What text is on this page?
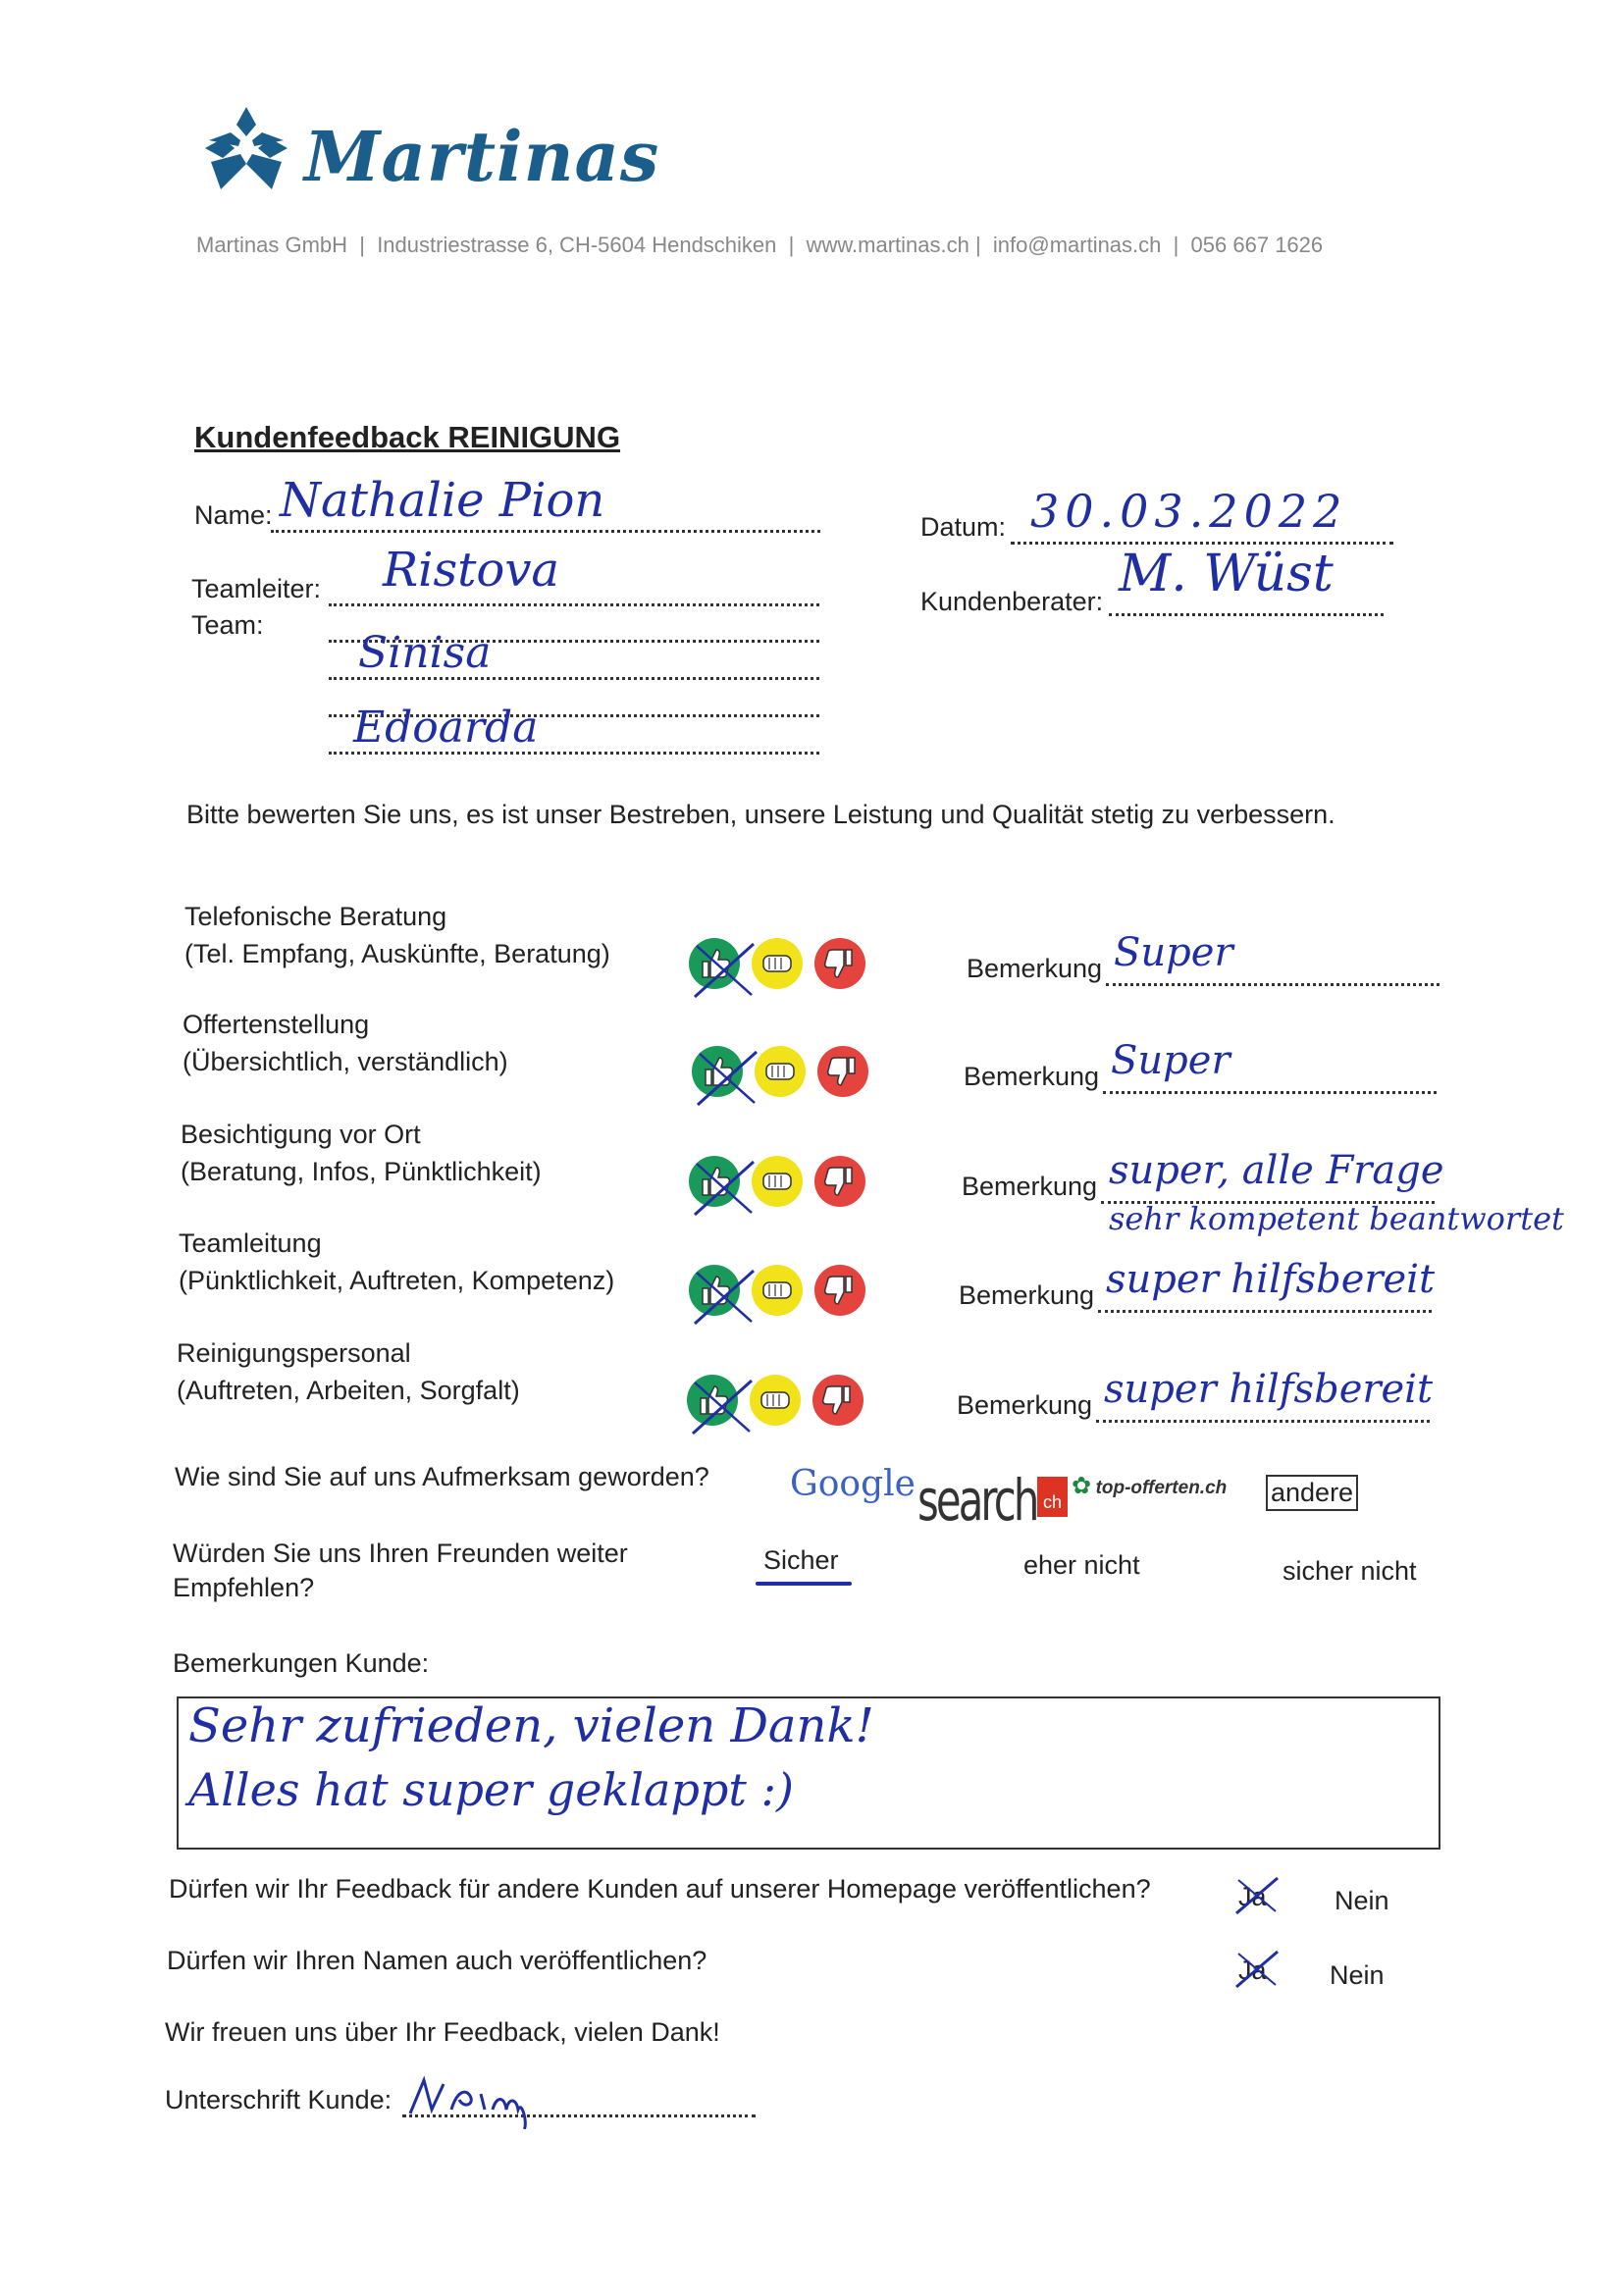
Martinas
Martinas GmbH  |  Industriestrasse 6, CH-5604 Hendschiken  |  www.martinas.ch |  info@martinas.ch  |  056 667 1626
Kundenfeedback REINIGUNG
Name: Nathalie Pion	Datum: 30.03.2022
Teamleiter: Ristova
Kundenberater: M. Wüst
Team:
Sinisa
Edoarda
Bitte bewerten Sie uns, es ist unser Bestreben, unsere Leistung und Qualität stetig zu verbessern.
Telefonische Beratung
(Tel. Empfang, Auskünfte, Beratung)	Bemerkung Super
Offertenstellung
(Übersichtlich, verständlich)	Bemerkung Super
Besichtigung vor Ort
(Beratung, Infos, Pünktlichkeit)	Bemerkung super, alle Frage
sehr kompetent beantwortet
Teamleitung
(Pünktlichkeit, Auftreten, Kompetenz)	Bemerkung super hilfsbereit
Reinigungspersonal
(Auftreten, Arbeiten, Sorgfalt)	Bemerkung super hilfsbereit
Wie sind Sie auf uns Aufmerksam geworden? Google search ch
✿ top-offerten.ch andere
Würden Sie uns Ihren Freunden weiter
Empfehlen?
Sicher	eher nicht	sicher nicht
Bemerkungen Kunde:
Sehr zufrieden, vielen Dank!
Alles hat super geklappt :)
Dürfen wir Ihr Feedback für andere Kunden auf unserer Homepage veröffentlichen?	Ja	Nein
Dürfen wir Ihren Namen auch veröffentlichen?	Ja	Nein
Wir freuen uns über Ihr Feedback, vielen Dank!
Unterschrift Kunde:
